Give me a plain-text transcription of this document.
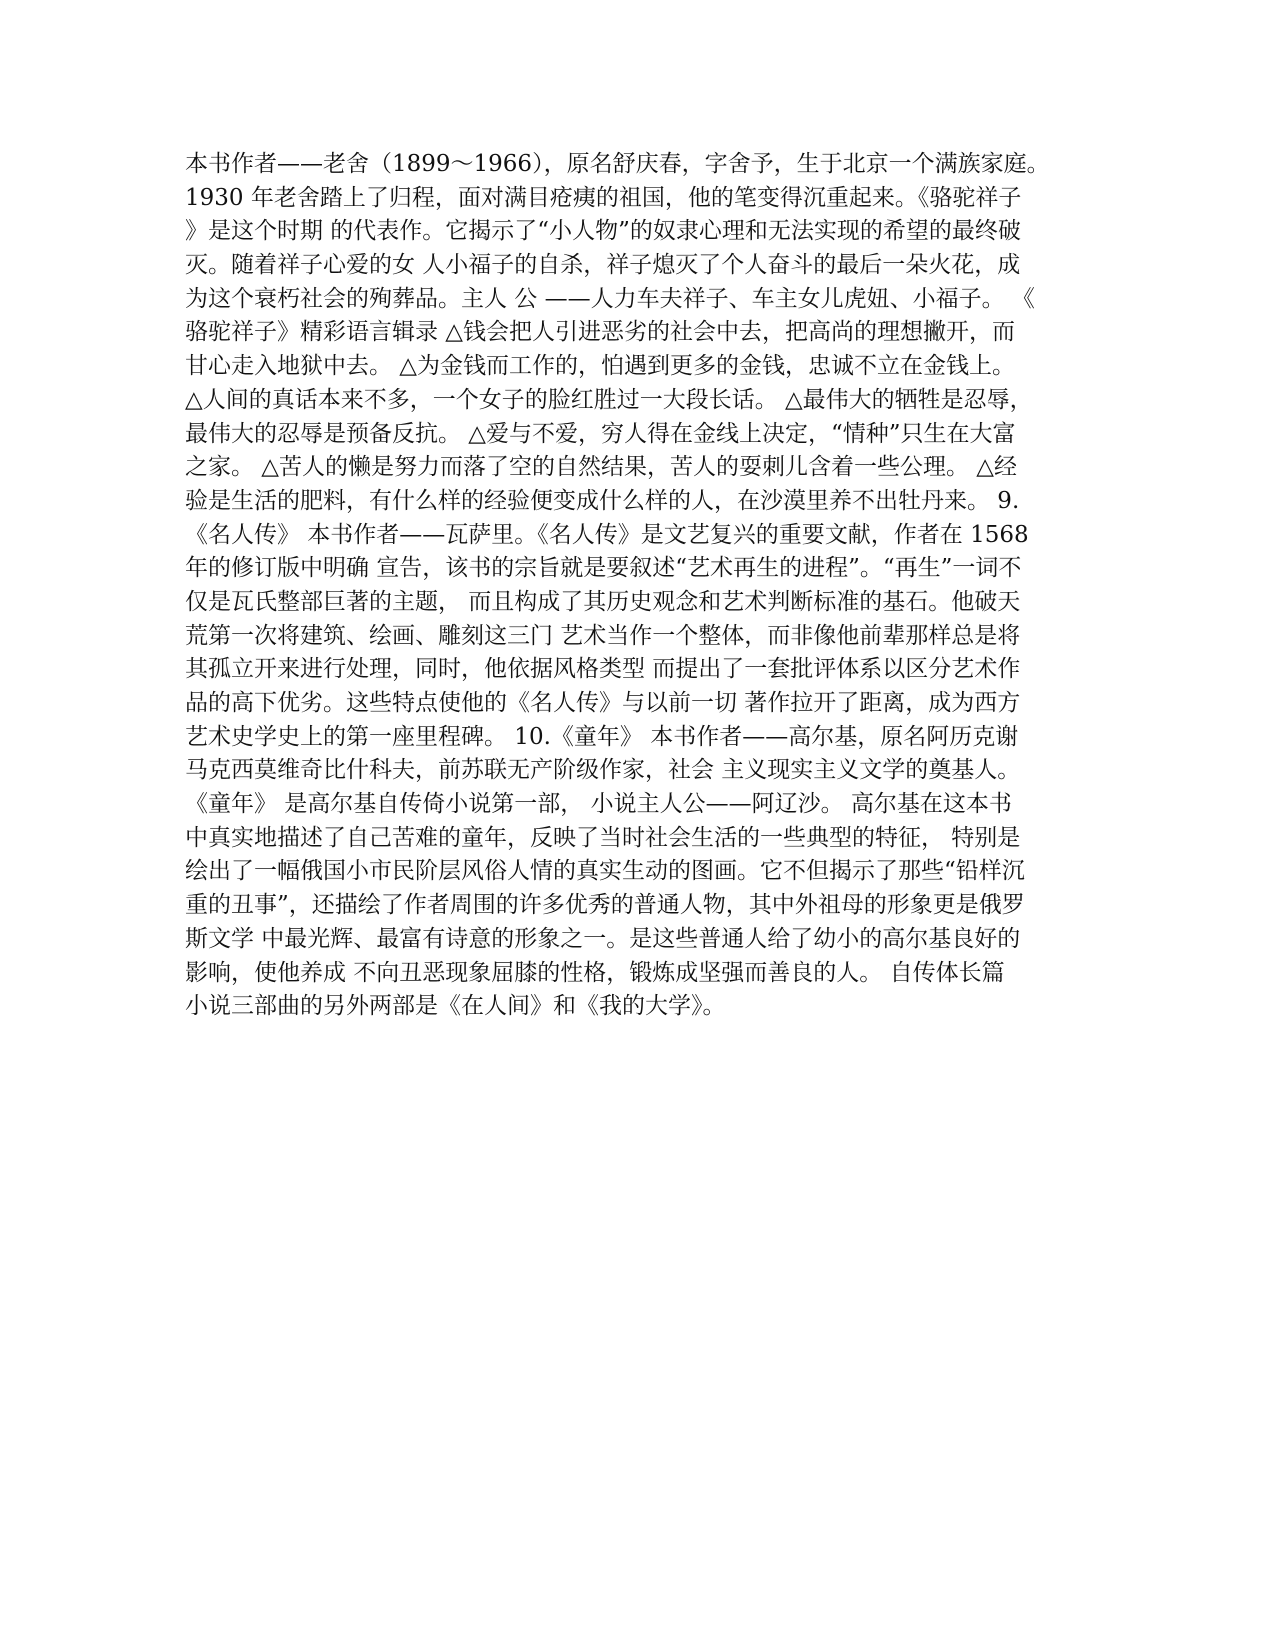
本书作者——老舍（1899～1966），原名舒庆春，字舍予，生于北京一个满族家庭。
1930 年老舍踏上了归程，面对满目疮痍的祖国，他的笔变得沉重起来。《骆驼祥子
》是这个时期 的代表作。它揭示了“小人物”的奴隶心理和无法实现的希望的最终破
灭。随着祥子心爱的女 人小福子的自杀，祥子熄灭了个人奋斗的最后一朵火花，成
为这个衰朽社会的殉葬品。主人 公 ——人力车夫祥子、车主女儿虎妞、小福子。 《
骆驼祥子》精彩语言辑录 △钱会把人引进恶劣的社会中去，把高尚的理想撇开，而
甘心走入地狱中去。 △为金钱而工作的，怕遇到更多的金钱，忠诚不立在金钱上。
△人间的真话本来不多，一个女子的脸红胜过一大段长话。 △最伟大的牺牲是忍辱，
最伟大的忍辱是预备反抗。 △爱与不爱，穷人得在金线上决定，“情种”只生在大富
之家。 △苦人的懒是努力而落了空的自然结果，苦人的耍刺儿含着一些公理。 △经
验是生活的肥料，有什么样的经验便变成什么样的人，在沙漠里养不出牡丹来。 9.
《名人传》 本书作者——瓦萨里。《名人传》是文艺复兴的重要文献，作者在 1568
年的修订版中明确 宣告，该书的宗旨就是要叙述“艺术再生的进程”。“再生”一词不
仅是瓦氏整部巨著的主题， 而且构成了其历史观念和艺术判断标准的基石。他破天
荒第一次将建筑、绘画、雕刻这三门 艺术当作一个整体，而非像他前辈那样总是将
其孤立开来进行处理，同时，他依据风格类型 而提出了一套批评体系以区分艺术作
品的高下优劣。这些特点使他的《名人传》与以前一切 著作拉开了距离，成为西方
艺术史学史上的第一座里程碑。 10.《童年》 本书作者——高尔基，原名阿历克谢
马克西莫维奇比什科夫，前苏联无产阶级作家，社会 主义现实主义文学的奠基人。
《童年》 是高尔基自传倚小说第一部， 小说主人公——阿辽沙。 高尔基在这本书
中真实地描述了自己苦难的童年，反映了当时社会生活的一些典型的特征， 特别是
绘出了一幅俄国小市民阶层风俗人情的真实生动的图画。它不但揭示了那些“铅样沉
重的丑事”，还描绘了作者周围的许多优秀的普通人物，其中外祖母的形象更是俄罗
斯文学 中最光辉、最富有诗意的形象之一。是这些普通人给了幼小的高尔基良好的
影响，使他养成 不向丑恶现象屈膝的性格，锻炼成坚强而善良的人。 自传体长篇
小说三部曲的另外两部是《在人间》和《我的大学》。
